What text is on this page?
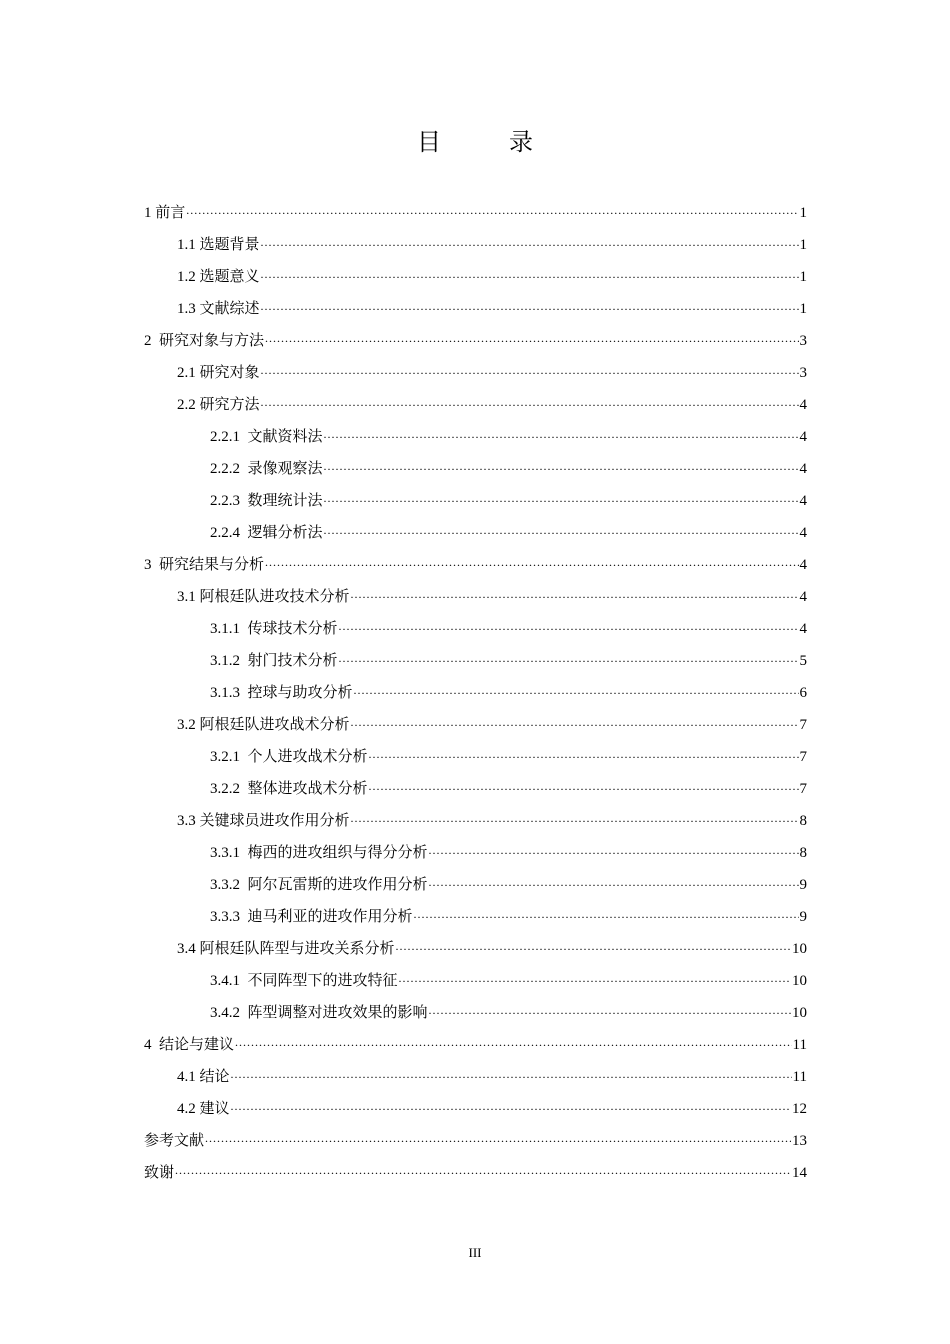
目　录
1 前言 .....	1
1.1 选题背景 .....	1
1.2 选题意义 .....	1
1.3 文献综述 .....	1
2  研究对象与方法 .....	3
2.1 研究对象 .....	3
2.2 研究方法 .....	4
2.2.1  文献资料法 .....	4
2.2.2  录像观察法 .....	4
2.2.3  数理统计法 .....	4
2.2.4  逻辑分析法 .....	4
3  研究结果与分析 .....	4
3.1 阿根廷队进攻技术分析 .....	4
3.1.1  传球技术分析 .....	4
3.1.2  射门技术分析 .....	5
3.1.3  控球与助攻分析 .....	6
3.2 阿根廷队进攻战术分析 .....	7
3.2.1  个人进攻战术分析 .....	7
3.2.2  整体进攻战术分析 .....	7
3.3 关键球员进攻作用分析 .....	8
3.3.1  梅西的进攻组织与得分分析 .....	8
3.3.2  阿尔瓦雷斯的进攻作用分析 .....	9
3.3.3  迪马利亚的进攻作用分析 .....	9
3.4 阿根廷队阵型与进攻关系分析 .....	10
3.4.1  不同阵型下的进攻特征 .....	10
3.4.2  阵型调整对进攻效果的影响 .....	10
4  结论与建议 .....	11
4.1 结论 .....	11
4.2 建议 .....	12
参考文献 .....	13
致谢 .....	14
III
